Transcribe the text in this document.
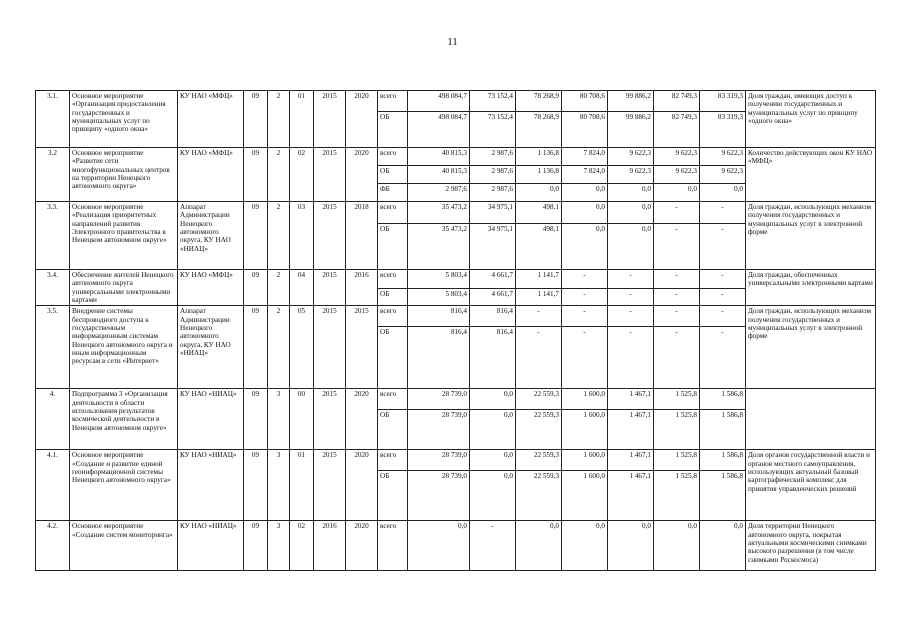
11
3.1.	Основное мероприятие «Организация предоставления государственных и муниципальных услуг по принципу «одного окна»	КУ НАО «МФЦ»	09	2	01	2015	2020	всего	498 084,7	73 152,4	78 268,9	80 708,6	99 886,2	82 749,3	83 319,3	Доля граждан, имеющих доступ к получению государственных и муниципальных услуг по принципу «одного окна»
								ОБ	498 084,7	73 152,4	78 268,9	80 708,6	99 886,2	82 749,3	83 319,3	
3.2	Основное мероприятие «Развитие сети многофункциональных центров на территории Ненецкого автономного округа»	КУ НАО «МФЦ»	09	2	02	2015	2020	всего	40 815,3	2 987,6	1 136,8	7 824,0	9 622,3	9 622,3	9 622,3	Количество действующих окон КУ НАО «МФЦ»
								ОБ	40 815,3	2 987,6	1 136,8	7 824,0	9 622,3	9 622,3	9 622,3	
								ФБ	2 987,6	2 987,6	0,0	0,0	0,0	0,0	0,0	
3.3.	Основное мероприятие «Реализация приоритетных направлений развития Электронного правительства в Ненецком автономном округе»	Аппарат Администрации Ненецкого автономного округа, КУ НАО «НИАЦ»	09	2	03	2015	2018	всего	35 473,2	34 975,1	498,1	0,0	0,0	-	-	Доля граждан, использующих механизм получения государственных и муниципальных услуг в электронной форме
								ОБ	35 473,2	34 975,1	498,1	0,0	0,0	-	-	
3.4.	Обеспечение жителей Ненецкого автономного округа универсальными электронными картами	КУ НАО «МФЦ»	09	2	04	2015	2016	всего	5 803,4	4 661,7	1 141,7	-	-	-	-	Доля граждан, обеспеченных универсальными электронными картами
								ОБ	5 803,4	4 661,7	1 141,7	-	-	-	-	
3.5.	Внедрение системы беспроводного доступа к государственным информационным системам Ненецкого автономного округа и иным информационным ресурсам в сети «Интернет»	Аппарат Администрации Ненецкого автономного округа, КУ НАО «НИАЦ»	09	2	05	2015	2015	всего	816,4	816,4	-	-	-	-	-	Доля граждан, использующих механизм получения государственных и муниципальных услуг в электронной форме
								ОБ	816,4	816,4	-	-	-	-	-	
4.	Подпрограмма 3 «Организация деятельности в области использования результатов космической деятельности в Ненецком автономном округе»	КУ НАО «НИАЦ»	09	3	00	2015	2020	всего	28 739,0	0,0	22 559,3	1 600,0	1 467,1	1 525,8	1 586,8	
								ОБ	28 739,0	0,0	22 559,3	1 600,0	1 467,1	1 525,8	1 586,8	
4.1.	Основное мероприятие «Создание и развитие единой геоинформационной системы Ненецкого автономного округа»	КУ НАО «НИАЦ»	09	3	01	2015	2020	всего	28 739,0	0,0	22 559,3	1 600,0	1 467,1	1 525,8	1 586,8	Доля органов государственной власти и органов местного самоуправления, использующих актуальный базовый картографический комплекс для принятия управленческих решений
								ОБ	28 739,0	0,0	22 559,3	1 600,0	1 467,1	1 525,8	1 586,8	
4.2.	Основное мероприятие «Создание систем мониторинга»	КУ НАО «НИАЦ»	09	3	02	2016	2020	всего	0,0	-	0,0	0,0	0,0	0,0	0,0	Доля территории Ненецкого автономного округа, покрытая актуальными космическими снимками высокого разрешения (в том числе снимками Роскосмоса)
